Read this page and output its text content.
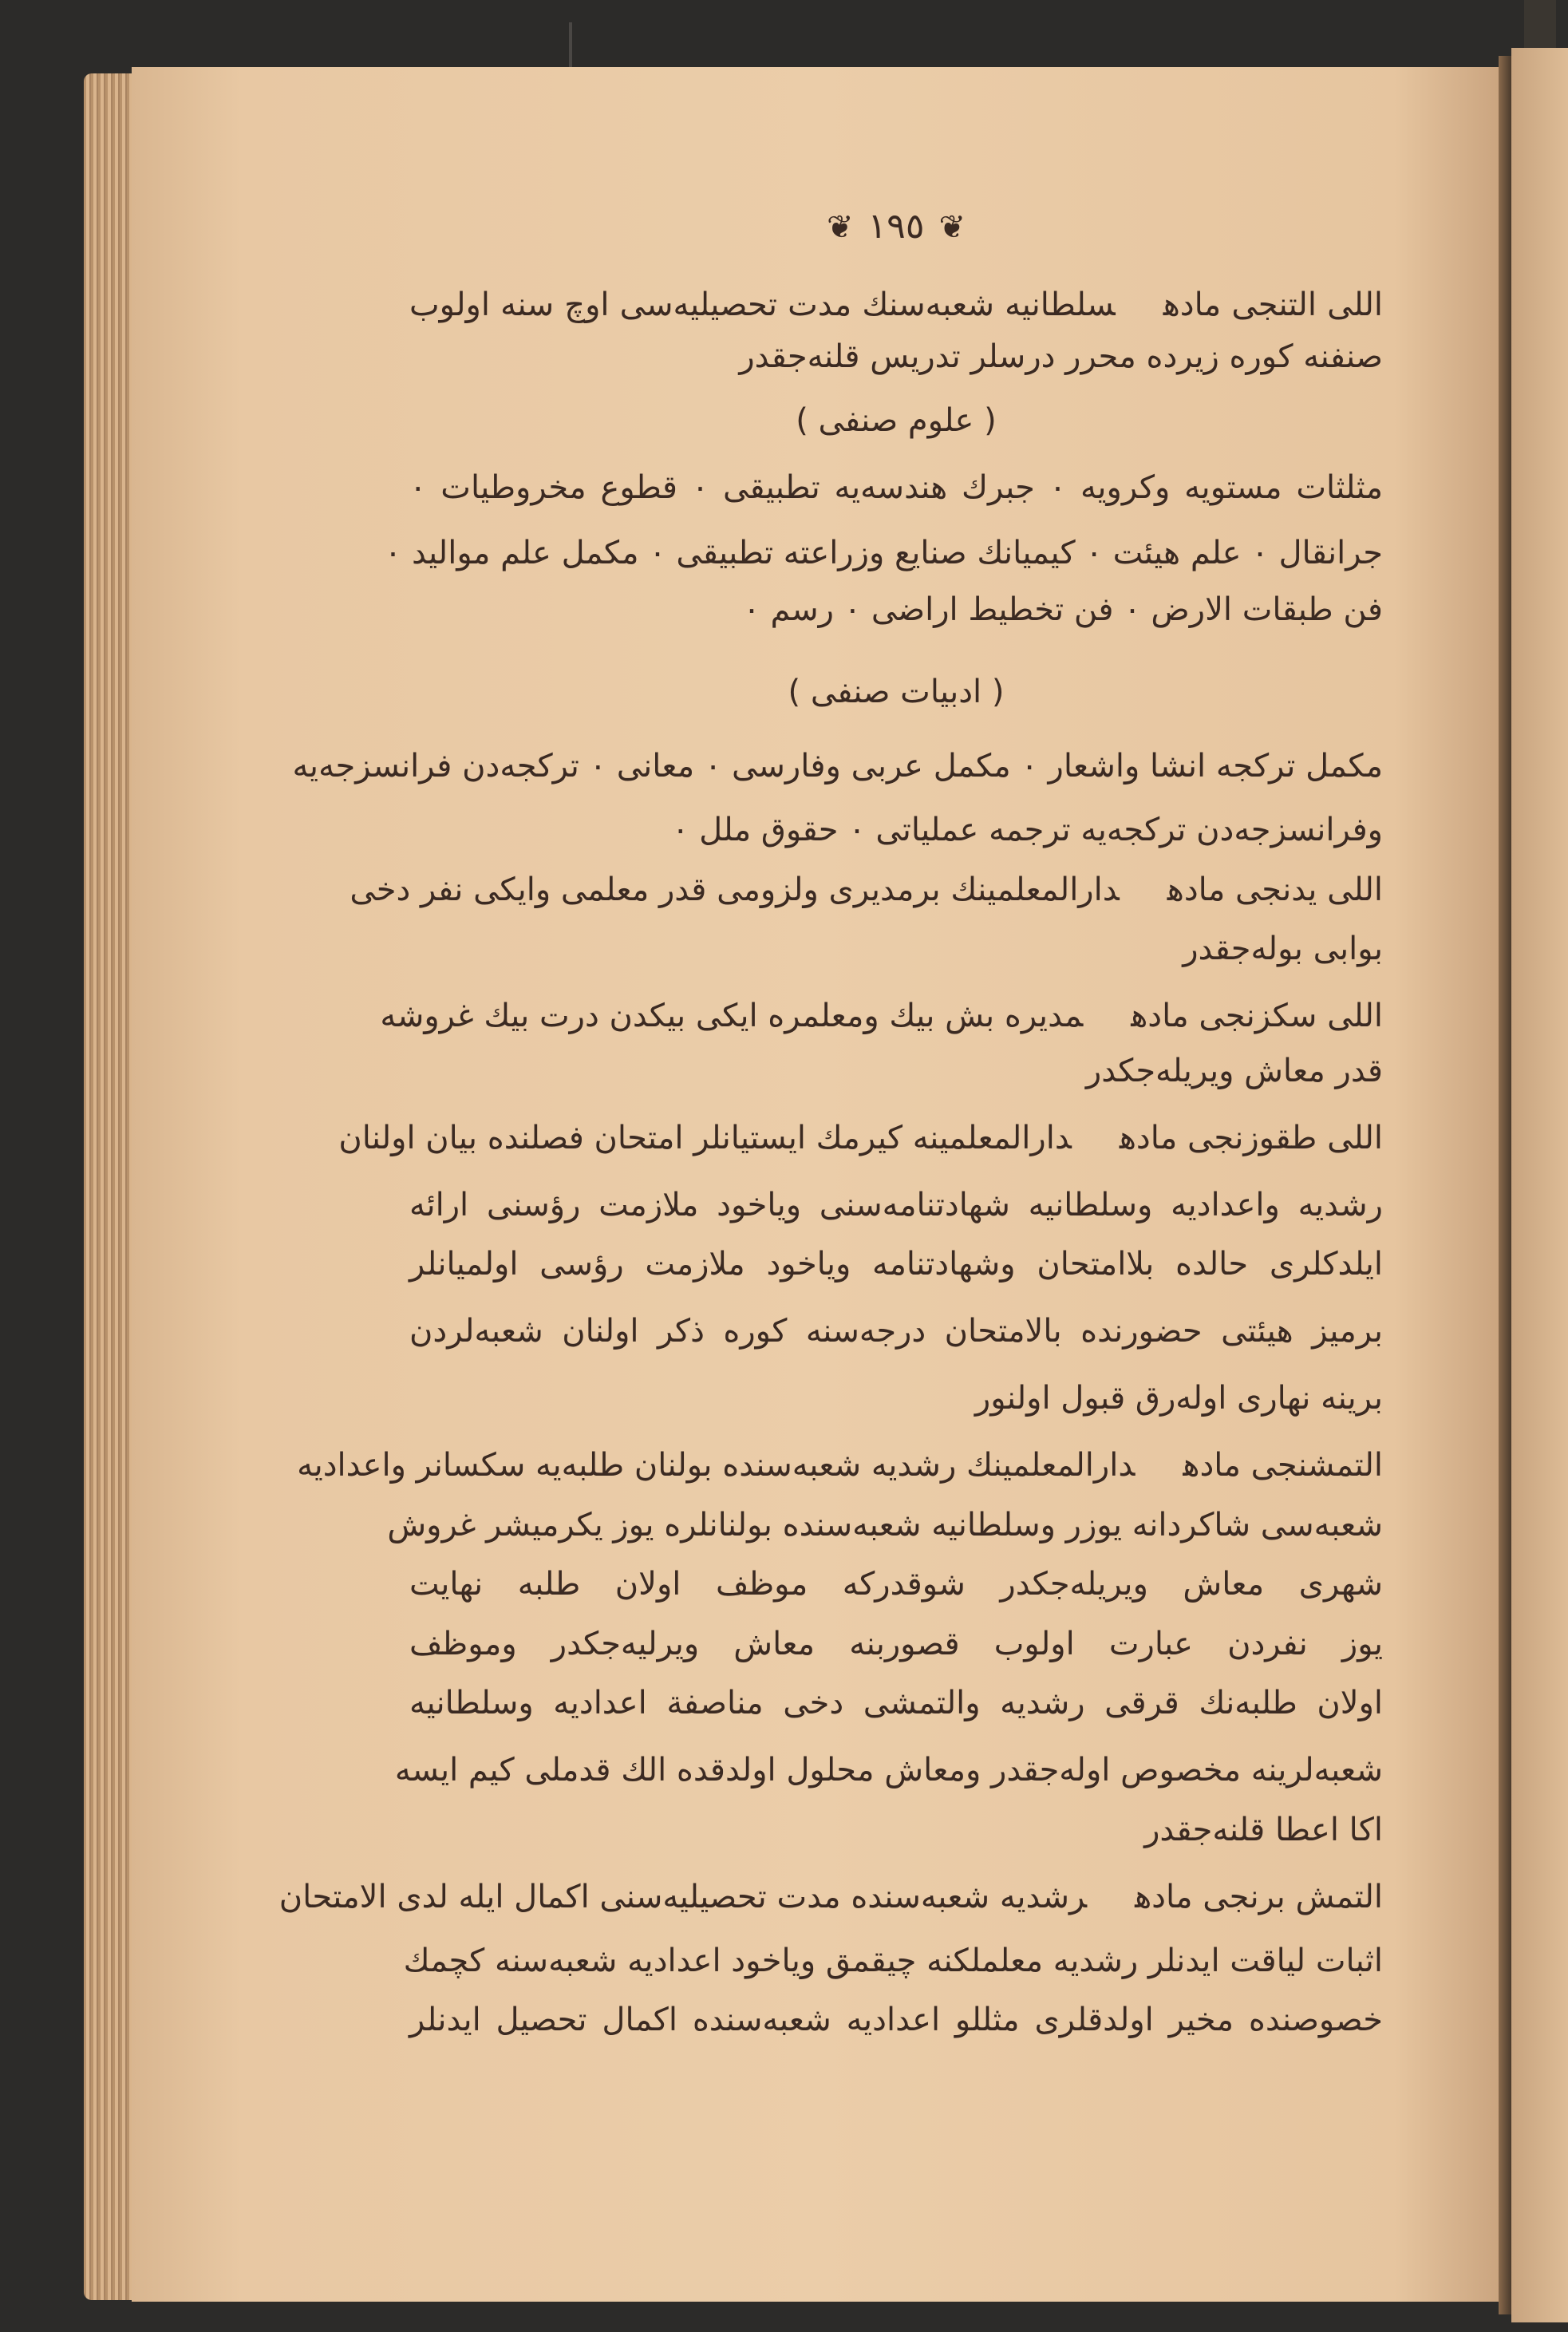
❦١٩٥❦
اللی التنجی مادهسلطانیه شعبه‌سنك مدت تحصیلیه‌سی اوچ سنه اولوب
صنفنه کوره زیرده محرر درسلر تدریس قلنه‌جقدر
( علوم صنفی )
مثلثات مستویه وکرویه ۰ جبرك هندسه‌یه تطبیقی ۰ قطوع مخروطیات ۰
جرانقال ۰ علم هیئت ۰ کیمیانك صنایع وزراعته تطبیقی ۰ مکمل علم موالید ۰
فن طبقات الارض ۰ فن تخطیط اراضی ۰ رسم ۰
( ادبیات صنفی )
مکمل ترکجه انشا واشعار ۰ مکمل عربی وفارسی ۰ معانی ۰ ترکجه‌دن فرانسزجه‌یه
وفرانسزجه‌دن ترکجه‌یه ترجمه عملیاتی ۰ حقوق ملل ۰
اللی یدنجی مادهدارالمعلمینك برمدیری ولزومی قدر معلمی وایکی نفر دخی
بوابی بوله‌جقدر
اللی سکزنجی مادهمدیره بش بیك ومعلمره ایکی بیکدن درت بیك غروشه
قدر معاش ویریله‌جکدر
اللی طقوزنجی مادهدارالمعلمینه کیرمك ایستیانلر امتحان فصلنده بیان اولنان
رشدیه واعدادیه وسلطانیه شهادتنامه‌سنی ویاخود ملازمت رؤسنی ارائه
ایلدکلری حالده بلاامتحان وشهادتنامه ویاخود ملازمت رؤسی اولمیانلر
برمیز هیئتی حضورنده بالامتحان درجه‌سنه کوره ذکر اولنان شعبه‌لردن
برینه نهاری اوله‌رق قبول اولنور
التمشنجی مادهدارالمعلمینك رشدیه شعبه‌سنده بولنان طلبه‌یه سکسانر واعدادیه
شعبه‌سی شاکردانه یوزر وسلطانیه شعبه‌سنده بولنانلره یوز یکرمیشر غروش
شهری معاش ویریله‌جکدر شوقدرکه موظف اولان طلبه نهایت
یوز نفردن عبارت اولوب قصوربنه معاش ویرلیه‌جکدر وموظف
اولان طلبه‌نك قرقی رشدیه والتمشی دخی مناصفة اعدادیه وسلطانیه
شعبه‌لرینه مخصوص اوله‌جقدر ومعاش محلول اولدقده الك قدملی کیم ایسه
اکا اعطا قلنه‌جقدر
التمش برنجی مادهرشدیه شعبه‌سنده مدت تحصیلیه‌سنی اکمال ایله لدی الامتحان
اثبات لیاقت ایدنلر رشدیه معلملکنه چیقمق ویاخود اعدادیه شعبه‌سنه کچمك
خصوصنده مخیر اولدقلری مثللو اعدادیه شعبه‌سنده اکمال تحصیل ایدنلر
